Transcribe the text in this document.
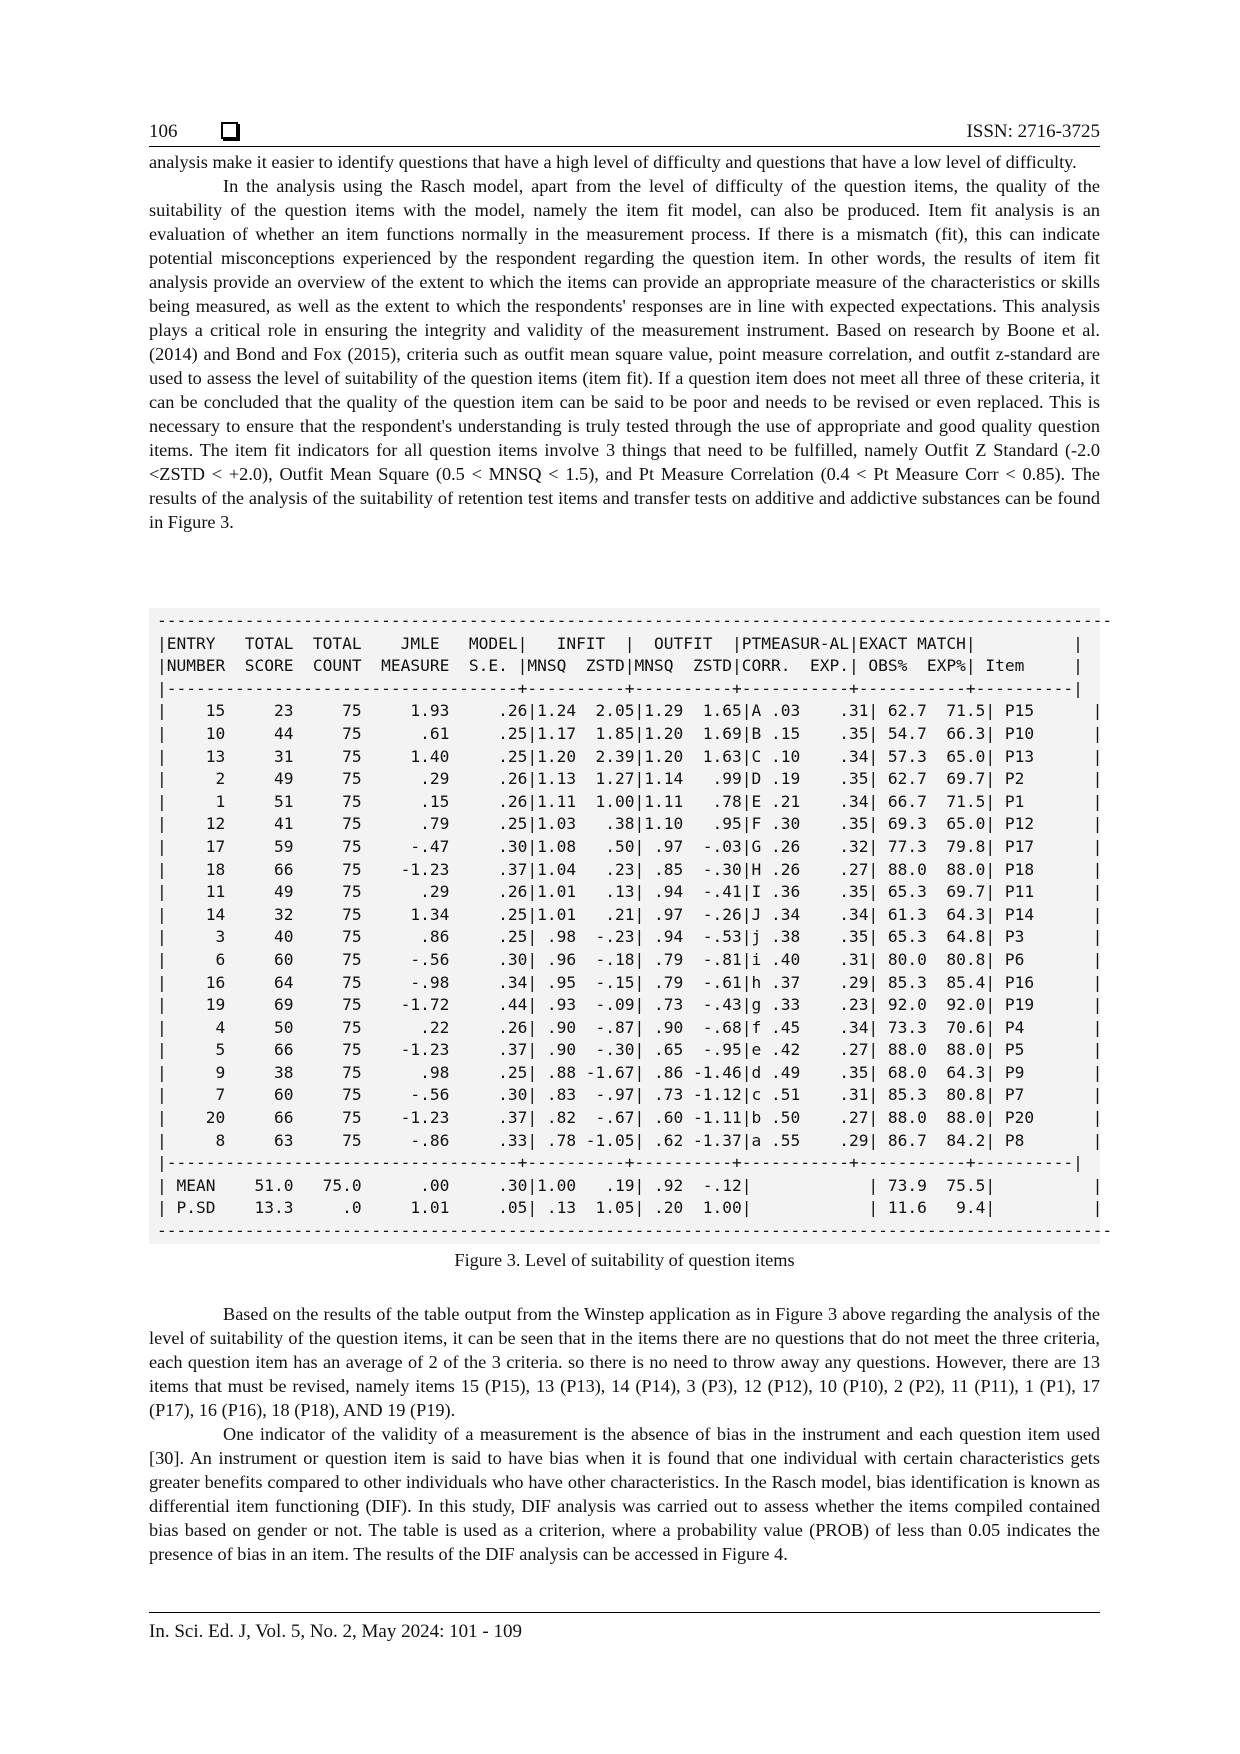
106	ISSN: 2716-3725

analysis make it easier to identify questions that have a high level of difficulty and questions that have a low level of difficulty.

In the analysis using the Rasch model, apart from the level of difficulty of the question items, the quality of the suitability of the question items with the model, namely the item fit model, can also be produced. Item fit analysis is an evaluation of whether an item functions normally in the measurement process. If there is a mismatch (fit), this can indicate potential misconceptions experienced by the respondent regarding the question item. In other words, the results of item fit analysis provide an overview of the extent to which the items can provide an appropriate measure of the characteristics or skills being measured, as well as the extent to which the respondents' responses are in line with expected expectations. This analysis plays a critical role in ensuring the integrity and validity of the measurement instrument. Based on research by Boone et al. (2014) and Bond and Fox (2015), criteria such as outfit mean square value, point measure correlation, and outfit z-standard are used to assess the level of suitability of the question items (item fit). If a question item does not meet all three of these criteria, it can be concluded that the quality of the question item can be said to be poor and needs to be revised or even replaced. This is necessary to ensure that the respondent's understanding is truly tested through the use of appropriate and good quality question items. The item fit indicators for all question items involve 3 things that need to be fulfilled, namely Outfit Z Standard (-2.0 <ZSTD < +2.0), Outfit Mean Square (0.5 < MNSQ < 1.5), and Pt Measure Correlation (0.4 < Pt Measure Corr < 0.85). The results of the analysis of the suitability of retention test items and transfer tests on additive and addictive substances can be found in Figure 3.

--------------------------------------------------------------------------------------------------
|ENTRY   TOTAL  TOTAL    JMLE   MODEL|   INFIT  |  OUTFIT  |PTMEASUR-AL|EXACT MATCH|          |
|NUMBER  SCORE  COUNT  MEASURE  S.E. |MNSQ  ZSTD|MNSQ  ZSTD|CORR.  EXP.| OBS%  EXP%| Item     |
|------------------------------------+----------+----------+-----------+-----------+----------|
|    15     23     75     1.93     .26|1.24  2.05|1.29  1.65|A .03    .31| 62.7  71.5| P15      |
|    10     44     75      .61     .25|1.17  1.85|1.20  1.69|B .15    .35| 54.7  66.3| P10      |
|    13     31     75     1.40     .25|1.20  2.39|1.20  1.63|C .10    .34| 57.3  65.0| P13      |
|     2     49     75      .29     .26|1.13  1.27|1.14   .99|D .19    .35| 62.7  69.7| P2       |
|     1     51     75      .15     .26|1.11  1.00|1.11   .78|E .21    .34| 66.7  71.5| P1       |
|    12     41     75      .79     .25|1.03   .38|1.10   .95|F .30    .35| 69.3  65.0| P12      |
|    17     59     75     -.47     .30|1.08   .50| .97  -.03|G .26    .32| 77.3  79.8| P17      |
|    18     66     75    -1.23     .37|1.04   .23| .85  -.30|H .26    .27| 88.0  88.0| P18      |
|    11     49     75      .29     .26|1.01   .13| .94  -.41|I .36    .35| 65.3  69.7| P11      |
|    14     32     75     1.34     .25|1.01   .21| .97  -.26|J .34    .34| 61.3  64.3| P14      |
|     3     40     75      .86     .25| .98  -.23| .94  -.53|j .38    .35| 65.3  64.8| P3       |
|     6     60     75     -.56     .30| .96  -.18| .79  -.81|i .40    .31| 80.0  80.8| P6       |
|    16     64     75     -.98     .34| .95  -.15| .79  -.61|h .37    .29| 85.3  85.4| P16      |
|    19     69     75    -1.72     .44| .93  -.09| .73  -.43|g .33    .23| 92.0  92.0| P19      |
|     4     50     75      .22     .26| .90  -.87| .90  -.68|f .45    .34| 73.3  70.6| P4       |
|     5     66     75    -1.23     .37| .90  -.30| .65  -.95|e .42    .27| 88.0  88.0| P5       |
|     9     38     75      .98     .25| .88 -1.67| .86 -1.46|d .49    .35| 68.0  64.3| P9       |
|     7     60     75     -.56     .30| .83  -.97| .73 -1.12|c .51    .31| 85.3  80.8| P7       |
|    20     66     75    -1.23     .37| .82  -.67| .60 -1.11|b .50    .27| 88.0  88.0| P20      |
|     8     63     75     -.86     .33| .78 -1.05| .62 -1.37|a .55    .29| 86.7  84.2| P8       |
|------------------------------------+----------+----------+-----------+-----------+----------|
| MEAN    51.0   75.0      .00     .30|1.00   .19| .92  -.12|            | 73.9  75.5|          |
| P.SD    13.3     .0     1.01     .05| .13  1.05| .20  1.00|            | 11.6   9.4|          |
--------------------------------------------------------------------------------------------------

Figure 3. Level of suitability of question items

Based on the results of the table output from the Winstep application as in Figure 3 above regarding the analysis of the level of suitability of the question items, it can be seen that in the items there are no questions that do not meet the three criteria, each question item has an average of 2 of the 3 criteria. so there is no need to throw away any questions. However, there are 13 items that must be revised, namely items 15 (P15), 13 (P13), 14 (P14), 3 (P3), 12 (P12), 10 (P10), 2 (P2), 11 (P11), 1 (P1), 17 (P17), 16 (P16), 18 (P18), AND 19 (P19).

One indicator of the validity of a measurement is the absence of bias in the instrument and each question item used [30]. An instrument or question item is said to have bias when it is found that one individual with certain characteristics gets greater benefits compared to other individuals who have other characteristics. In the Rasch model, bias identification is known as differential item functioning (DIF). In this study, DIF analysis was carried out to assess whether the items compiled contained bias based on gender or not. The table is used as a criterion, where a probability value (PROB) of less than 0.05 indicates the presence of bias in an item. The results of the DIF analysis can be accessed in Figure 4.

In. Sci. Ed. J, Vol. 5, No. 2, May 2024: 101 - 109
